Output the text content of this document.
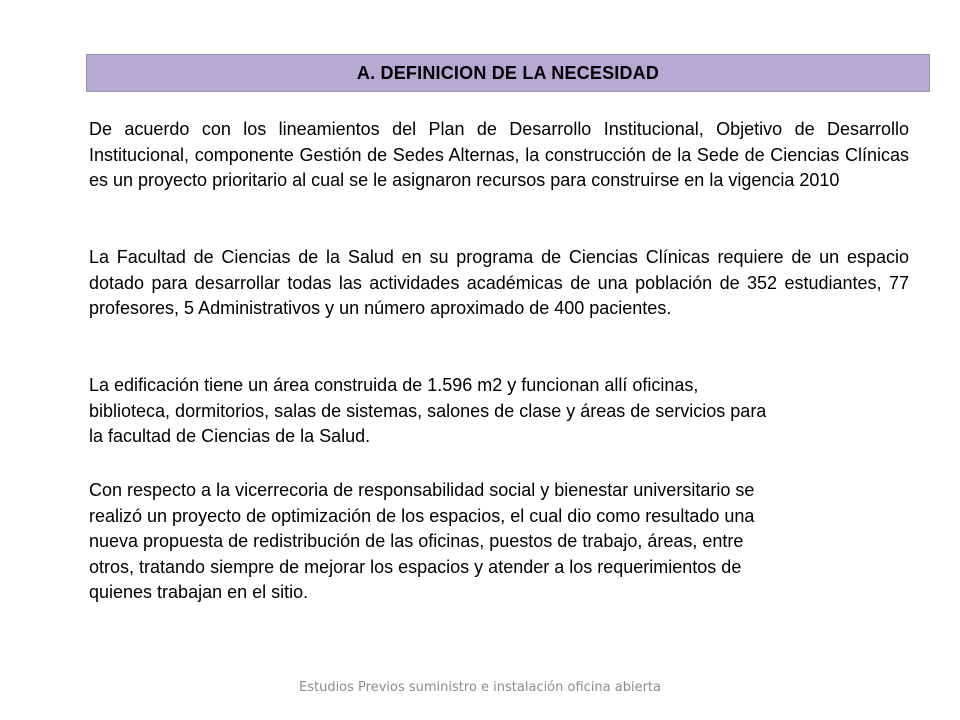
A. DEFINICION DE LA NECESIDAD

De acuerdo con los lineamientos del Plan de Desarrollo Institucional, Objetivo de Desarrollo Institucional, componente Gestión de Sedes Alternas, la construcción de la Sede de Ciencias Clínicas es un proyecto prioritario al cual se le asignaron recursos para construirse en la vigencia 2010

La Facultad de Ciencias de la Salud en su programa de Ciencias Clínicas requiere de un espacio dotado para desarrollar todas las actividades académicas de una población de 352 estudiantes, 77 profesores, 5 Administrativos y un número aproximado de 400 pacientes.

La edificación tiene un área construida de 1.596 m2 y funcionan allí oficinas,
biblioteca, dormitorios, salas de sistemas, salones de clase y áreas de servicios para
la facultad de Ciencias de la Salud.
Con respecto a la vicerrecoria de responsabilidad social y bienestar universitario se
realizó un proyecto de optimización de los espacios, el cual dio como resultado una
nueva propuesta de redistribución de las oficinas, puestos de trabajo, áreas, entre
otros, tratando siempre de mejorar los espacios y atender a los requerimientos de
quienes trabajan en el sitio.
Estudios Previos suministro e instalación oficina abierta
